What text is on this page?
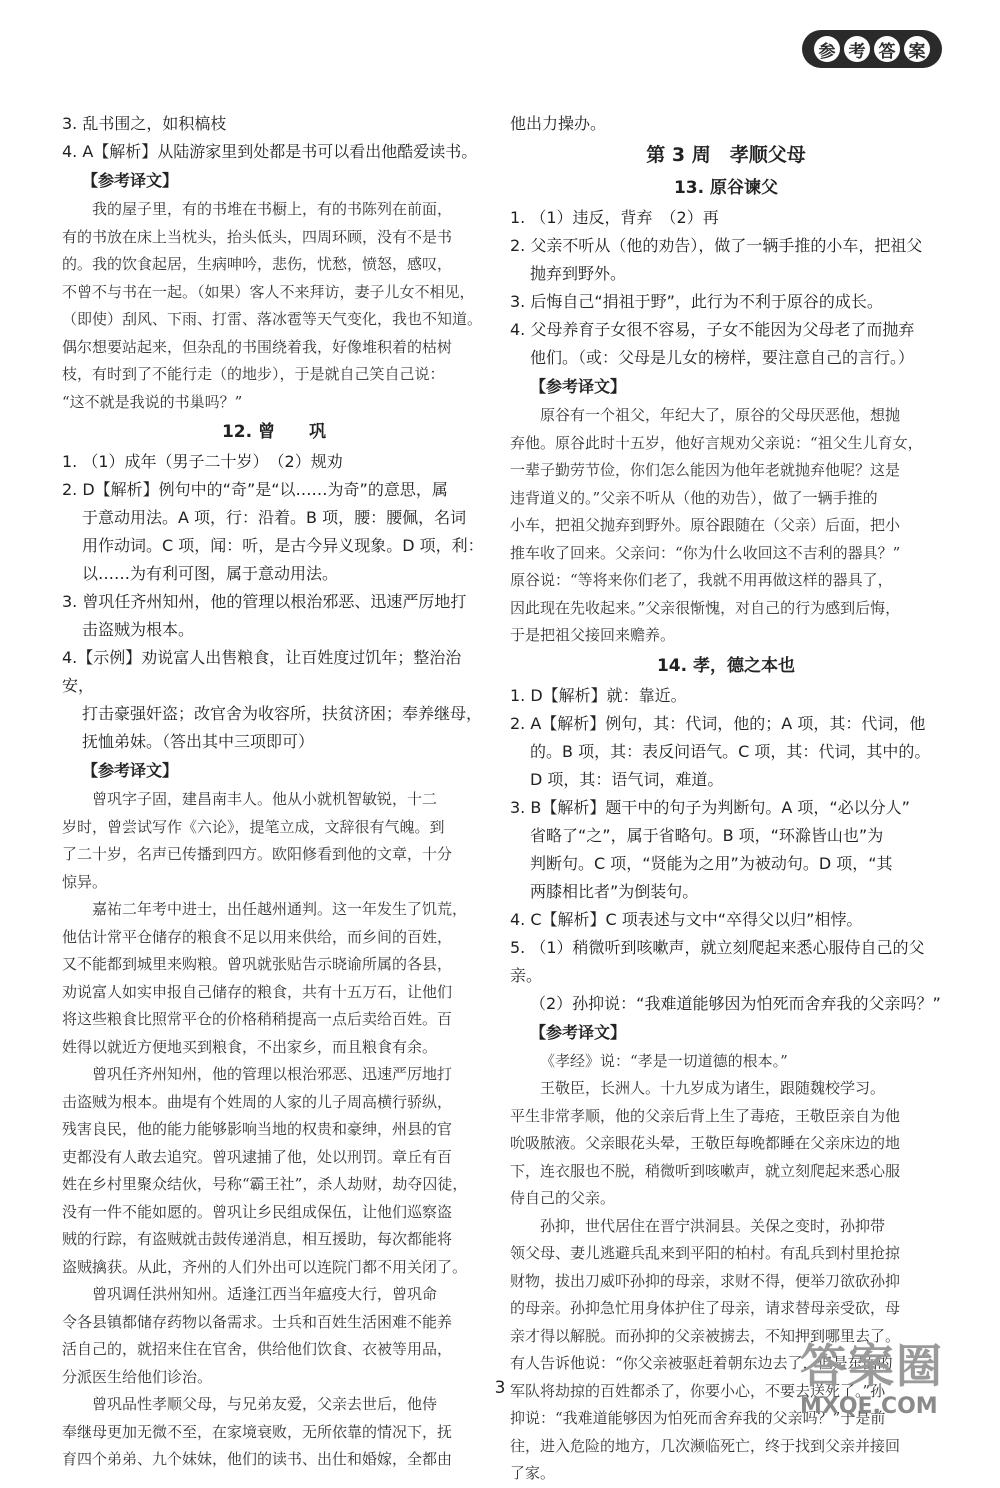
参 考 答 案

3. 乱书围之，如积槁枝

4. A【解析】从陆游家里到处都是书可以看出他酷爱读书。

【参考译文】

我的屋子里，有的书堆在书橱上，有的书陈列在前面，

有的书放在床上当枕头，抬头低头，四周环顾，没有不是书

的。我的饮食起居，生病呻吟，悲伤，忧愁，愤怒，感叹，

不曾不与书在一起。（如果）客人不来拜访，妻子儿女不相见，

（即使）刮风、下雨、打雷、落冰雹等天气变化，我也不知道。

偶尔想要站起来，但杂乱的书围绕着我，好像堆积着的枯树

枝，有时到了不能行走（的地步），于是就自己笑自己说：

“这不就是我说的书巢吗？”

12. 曾　　巩

1. （1）成年（男子二十岁）　（2）规劝

2. D【解析】例句中的“奇”是“以……为奇”的意思，属

于意动用法。A 项，行：沿着。B 项，腰：腰佩，名词

用作动词。C 项，闻：听，是古今异义现象。D 项，利：

以……为有利可图，属于意动用法。

3. 曾巩任齐州知州，他的管理以根治邪恶、迅速严厉地打

击盗贼为根本。

4.【示例】劝说富人出售粮食，让百姓度过饥年；整治治安，

打击豪强奸盗；改官舍为收容所，扶贫济困；奉养继母，

抚恤弟妹。（答出其中三项即可）

【参考译文】

曾巩字子固，建昌南丰人。他从小就机智敏锐，十二

岁时，曾尝试写作《六论》，提笔立成，文辞很有气魄。到

了二十岁，名声已传播到四方。欧阳修看到他的文章，十分

惊异。

嘉祐二年考中进士，出任越州通判。这一年发生了饥荒，

他估计常平仓储存的粮食不足以用来供给，而乡间的百姓，

又不能都到城里来购粮。曾巩就张贴告示晓谕所属的各县，

劝说富人如实申报自己储存的粮食，共有十五万石，让他们

将这些粮食比照常平仓的价格稍稍提高一点后卖给百姓。百

姓得以就近方便地买到粮食，不出家乡，而且粮食有余。

曾巩任齐州知州，他的管理以根治邪恶、迅速严厉地打

击盗贼为根本。曲堤有个姓周的人家的儿子周高横行骄纵，

残害良民，他的能力能够影响当地的权贵和豪绅，州县的官

吏都没有人敢去追究。曾巩逮捕了他，处以刑罚。章丘有百

姓在乡村里聚众结伙，号称“霸王社”，杀人劫财，劫夺囚徒，

没有一件不能如愿的。曾巩让乡民组成保伍，让他们巡察盗

贼的行踪，有盗贼就击鼓传递消息，相互援助，每次都能将

盗贼擒获。从此，齐州的人们外出可以连院门都不用关闭了。

曾巩调任洪州知州。适逢江西当年瘟疫大行，曾巩命

令各县镇都储存药物以备需求。士兵和百姓生活困难不能养

活自己的，就招来住在官舍，供给他们饮食、衣被等用品，

分派医生给他们诊治。

曾巩品性孝顺父母，与兄弟友爱，父亲去世后，他侍

奉继母更加无微不至，在家境衰败，无所依靠的情况下，抚

育四个弟弟、九个妹妹，他们的读书、出仕和婚嫁，全都由

他出力操办。

第 3 周　孝顺父母

13. 原谷谏父

1. （1）违反，背弃　（2）再

2. 父亲不听从（他的劝告），做了一辆手推的小车，把祖父

抛弃到野外。

3. 后悔自己“捐祖于野”，此行为不利于原谷的成长。

4. 父母养育子女很不容易，子女不能因为父母老了而抛弃

他们。（或：父母是儿女的榜样，要注意自己的言行。）

【参考译文】

原谷有一个祖父，年纪大了，原谷的父母厌恶他，想抛

弃他。原谷此时十五岁，他好言规劝父亲说：“祖父生儿育女，

一辈子勤劳节俭，你们怎么能因为他年老就抛弃他呢？这是

违背道义的。”父亲不听从（他的劝告），做了一辆手推的

小车，把祖父抛弃到野外。原谷跟随在（父亲）后面，把小

推车收了回来。父亲问：“你为什么收回这不吉利的器具？”

原谷说：“等将来你们老了，我就不用再做这样的器具了，

因此现在先收起来。”父亲很惭愧，对自己的行为感到后悔，

于是把祖父接回来赡养。

14. 孝，德之本也

1. D【解析】就：靠近。

2. A【解析】例句，其：代词，他的；A 项，其：代词，他

的。B 项，其：表反问语气。C 项，其：代词，其中的。

D 项，其：语气词，难道。

3. B【解析】题干中的句子为判断句。A 项，“必以分人”

省略了“之”，属于省略句。B 项，“环滁皆山也”为

判断句。C 项，“贤能为之用”为被动句。D 项，“其

两膝相比者”为倒装句。

4. C【解析】C 项表述与文中“卒得父以归”相悖。

5. （1）稍微听到咳嗽声，就立刻爬起来悉心服侍自己的父亲。

（2）孙抑说：“我难道能够因为怕死而舍弃我的父亲吗？”

【参考译文】

《孝经》说：“孝是一切道德的根本。”

王敬臣，长洲人。十九岁成为诸生，跟随魏校学习。

平生非常孝顺，他的父亲后背上生了毒疮，王敬臣亲自为他

吮吸脓液。父亲眼花头晕，王敬臣每晚都睡在父亲床边的地

下，连衣服也不脱，稍微听到咳嗽声，就立刻爬起来悉心服

侍自己的父亲。

孙抑，世代居住在晋宁洪洞县。关保之变时，孙抑带

领父母、妻儿逃避兵乱来到平阳的柏村。有乱兵到村里抢掠

财物，拔出刀威吓孙抑的母亲，求财不得，便举刀欲砍孙抑

的母亲。孙抑急忙用身体护住了母亲，请求替母亲受砍，母

亲才得以解脱。而孙抑的父亲被掳去，不知押到哪里去了。

有人告诉他说：“你父亲被驱赶着朝东边去了，但是东面的

军队将劫掠的百姓都杀了，你要小心，不要去送死了。”孙

抑说：“我难道能够因为怕死而舍弃我的父亲吗？”于是前

往，进入危险的地方，几次濒临死亡，终于找到父亲并接回

了家。

3	答案圈
MXQE.COM
